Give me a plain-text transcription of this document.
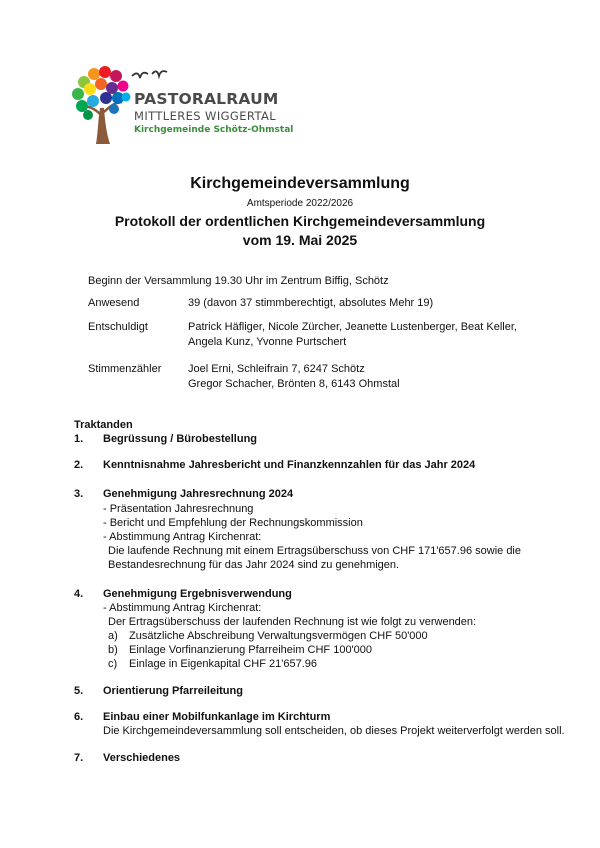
PASTORALRAUM
MITTLERES WIGGERTAL
Kirchgemeinde Schötz-Ohmstal
Kirchgemeindeversammlung
Amtsperiode 2022/2026
Protokoll der ordentlichen Kirchgemeindeversammlung
vom 19. Mai 2025
Beginn der Versammlung 19.30 Uhr im Zentrum Biffig, Schötz
Anwesend	39 (davon 37 stimmberechtigt, absolutes Mehr 19)
Entschuldigt	Patrick Häfliger, Nicole Zürcher, Jeanette Lustenberger, Beat Keller,
Angela Kunz, Yvonne Purtschert
Stimmenzähler Joel Erni, Schleifrain 7, 6247 Schötz
Gregor Schacher, Brönten 8, 6143 Ohmstal
Traktanden
1. Begrüssung / Bürobestellung
2. Kenntnisnahme Jahresbericht und Finanzkennzahlen für das Jahr 2024
3. Genehmigung Jahresrechnung 2024
- Präsentation Jahresrechnung
- Bericht und Empfehlung der Rechnungskommission
- Abstimmung Antrag Kirchenrat:
Die laufende Rechnung mit einem Ertragsüberschuss von CHF 171'657.96 sowie die
Bestandesrechnung für das Jahr 2024 sind zu genehmigen.
4. Genehmigung Ergebnisverwendung
- Abstimmung Antrag Kirchenrat:
Der Ertragsüberschuss der laufenden Rechnung ist wie folgt zu verwenden:
a) Zusätzliche Abschreibung Verwaltungsvermögen CHF 50'000
b) Einlage Vorfinanzierung Pfarreiheim CHF 100'000
c) Einlage in Eigenkapital CHF 21'657.96
5. Orientierung Pfarreileitung
6. Einbau einer Mobilfunkanlage im Kirchturm
Die Kirchgemeindeversammlung soll entscheiden, ob dieses Projekt weiterverfolgt werden soll.
7. Verschiedenes
